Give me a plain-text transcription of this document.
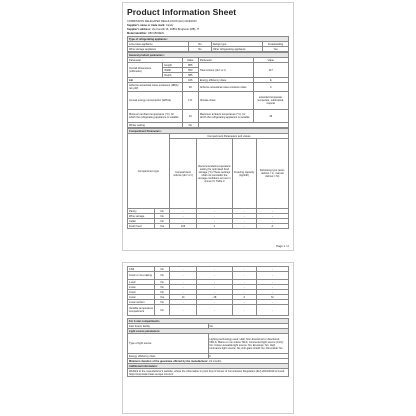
Product Information Sheet
COMMISSION DELEGATED REGULATION (EU) 2019/2016
Supplier's name or trade mark: Candy
Supplier's address: Via Comolli 16, 20861 Brugherio (MB), IT
Model identifier: CBO150NE/N
Type of refrigerating appliance:			
Low-noise appliance	No	Design type	Freestanding
Wine storage appliance	No	Other refrigerating appliance	Yes
General product parameters:				
Parameter		Value	Parameter	Value
Overall dimensions (millimetre)	Height	855	Total volume (dm³ or l)	117
	Width	550		
	Depth	585		
EEI		106	Energy efficiency class	E
Airborne acoustical noise emissions (dB(A) re1 pW)		39	Airborne acoustical noise emission class	C
Annual energy consumption (kWh/a)		171	Climate class:	extended temperate, temperate, subtropical, tropical
Minimum ambient temperature (°C), for which the refrigerating appliance is suitable		10	Maximum ambient temperature (°C), for which the refrigerating appliance is suitable	43
Winter setting		No		
Compartment Parameters:					
Compartment type		Compartment Parameters and values			
		Compartment volume (dm³ or l)	Recommended temperature setting for optimised food storage (°C) These settings shall not contradict the storage conditions set out in Annex IV, Table 3	Freezing capacity (kg/24h)	Defrosting type (auto-defrost = A, manual defrost = M)
Pantry	No	-	-	-	-
Wine storage	No	-	-	-	-
Cellar	No	-	-	-	-
Fresh food	Yes	103	4	-	A
Page 1 / 2
Chill	No	-	-	-	-
0-star or ice-making	No	-	-	-	-
1-star	No	-	-	-	-
2-star	No	-	-	-	-
3-star	No	-	-	-	-
4-star	Yes	14	-18	2	M
2-star section	No	-	-	-	-
Variable temperature compartment	No	-	-	-	-
For 4-star compartments	
Fast freeze facility	No
Light source parameters:	
Type of light source	Lighting technology used: LED; Non-directional or directional: NDLS; Mains or non-mains: MLS; Connected light source (CLS): No; Colour-tuneable light source: No; Envelope: No; High luminance light source: No; Anti-glare shield: No; Dimmable: No
Energy efficiency class	F
Minimum duration of the guarantee offered by the manufacturer: 24 months	
Additional information:	
Weblink to the manufacturer's website, where the information in point 4(a) of Annex of Commission Regulation (EU) 2019/2019 is found: https://corporate.haier-europe.com/en/	
